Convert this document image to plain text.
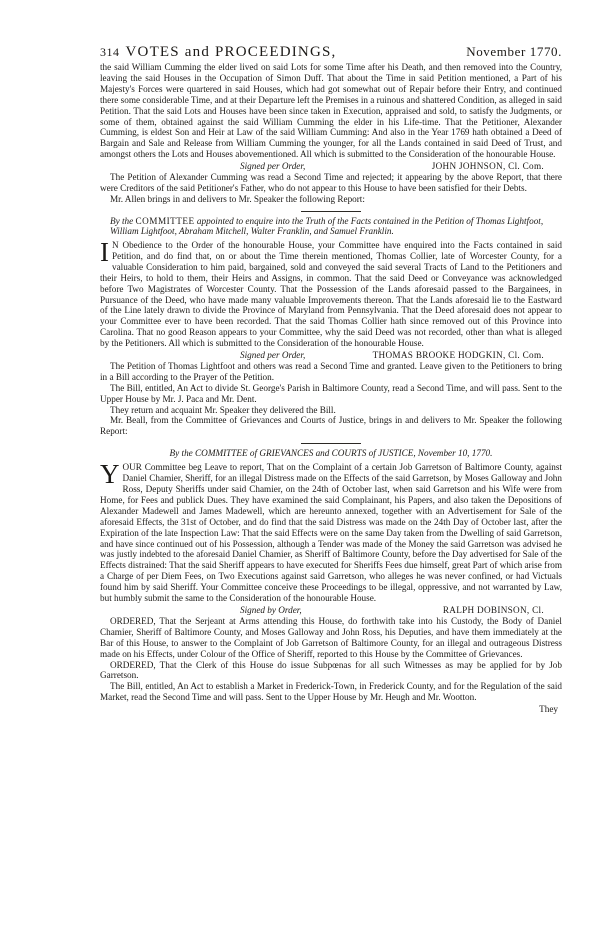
314 VOTES and PROCEEDINGS,	November 1770.

the said William Cumming the elder lived on said Lots for some Time after his Death, and then removed into the Country, leaving the said Houses in the Occupation of Simon Duff. That about the Time in said Petition mentioned, a Part of his Majesty's Forces were quartered in said Houses, which had got somewhat out of Repair before their Entry, and continued there some considerable Time, and at their Departure left the Premises in a ruinous and shattered Condition, as alleged in said Petition. That the said Lots and Houses have been since taken in Execution, appraised and sold, to satisfy the Judgments, or some of them, obtained against the said William Cumming the elder in his Life-time. That the Petitioner, Alexander Cumming, is eldest Son and Heir at Law of the said William Cumming: And also in the Year 1769 hath obtained a Deed of Bargain and Sale and Release from William Cumming the younger, for all the Lands contained in said Deed of Trust, and amongst others the Lots and Houses abovementioned. All which is submitted to the Consideration of the honourable House.

Signed per Order,	JOHN JOHNSON, Cl. Com.

The Petition of Alexander Cumming was read a Second Time and rejected; it appearing by the above Report, that there were Creditors of the said Petitioner's Father, who do not appear to this House to have been satisfied for their Debts.

Mr. Allen brings in and delivers to Mr. Speaker the following Report:

By the COMMITTEE appointed to enquire into the Truth of the Facts contained in the Petition of Thomas Lightfoot, William Lightfoot, Abraham Mitchell, Walter Franklin, and Samuel Franklin.

I N Obedience to the Order of the honourable House, your Committee have enquired into the Facts contained in said Petition, and do find that, on or about the Time therein mentioned, Thomas Collier, late of Worcester County, for a valuable Consideration to him paid, bargained, sold and conveyed the said several Tracts of Land to the Petitioners and their Heirs, to hold to them, their Heirs and Assigns, in common. That the said Deed or Conveyance was acknowledged before Two Magistrates of Worcester County. That the Possession of the Lands aforesaid passed to the Bargainees, in Pursuance of the Deed, who have made many valuable Improvements thereon. That the Lands aforesaid lie to the Eastward of the Line lately drawn to divide the Province of Maryland from Pennsylvania. That the Deed aforesaid does not appear to your Committee ever to have been recorded. That the said Thomas Collier hath since removed out of this Province into Carolina. That no good Reason appears to your Committee, why the said Deed was not recorded, other than what is alleged by the Petitioners. All which is submitted to the Consideration of the honourable House.

Signed per Order,	THOMAS BROOKE HODGKIN, Cl. Com.

The Petition of Thomas Lightfoot and others was read a Second Time and granted. Leave given to the Petitioners to bring in a Bill according to the Prayer of the Petition.

The Bill, entitled, An Act to divide St. George's Parish in Baltimore County, read a Second Time, and will pass. Sent to the Upper House by Mr. J. Paca and Mr. Dent.

They return and acquaint Mr. Speaker they delivered the Bill.

Mr. Beall, from the Committee of Grievances and Courts of Justice, brings in and delivers to Mr. Speaker the following Report:

By the COMMITTEE of GRIEVANCES and COURTS of JUSTICE, November 10, 1770.

YOUR Committee beg Leave to report, That on the Complaint of a certain Job Garretson of Baltimore County, against Daniel Chamier, Sheriff, for an illegal Distress made on the Effects of the said Garretson, by Moses Galloway and John Ross, Deputy Sheriffs under said Chamier, on the 24th of October last, when said Garretson and his Wife were from Home, for Fees and publick Dues. They have examined the said Complainant, his Papers, and also taken the Depositions of Alexander Madewell and James Madewell, which are hereunto annexed, together with an Advertisement for Sale of the aforesaid Effects, the 31st of October, and do find that the said Distress was made on the 24th Day of October last, after the Expiration of the late Inspection Law: That the said Effects were on the same Day taken from the Dwelling of said Garretson, and have since continued out of his Possession, although a Tender was made of the Money the said Garretson was advised he was justly indebted to the aforesaid Daniel Chamier, as Sheriff of Baltimore County, before the Day advertised for Sale of the Effects distrained: That the said Sheriff appears to have executed for Sheriffs Fees due himself, great Part of which arise from a Charge of per Diem Fees, on Two Executions against said Garretson, who alleges he was never confined, or had Victuals found him by said Sheriff. Your Committee conceive these Proceedings to be illegal, oppressive, and not warranted by Law, but humbly submit the same to the Consideration of the honourable House.

Signed by Order,	RALPH DOBINSON, Cl.

ORDERED, That the Serjeant at Arms attending this House, do forthwith take into his Custody, the Body of Daniel Chamier, Sheriff of Baltimore County, and Moses Galloway and John Ross, his Deputies, and have them immediately at the Bar of this House, to answer to the Complaint of Job Garretson of Baltimore County, for an illegal and outrageous Distress made on his Effects, under Colour of the Office of Sheriff, reported to this House by the Committee of Grievances.

ORDERED, That the Clerk of this House do issue Subpœnas for all such Witnesses as may be applied for by Job Garretson.

The Bill, entitled, An Act to establish a Market in Frederick-Town, in Frederick County, and for the Regulation of the said Market, read the Second Time and will pass. Sent to the Upper House by Mr. Heugh and Mr. Wootton.

They
